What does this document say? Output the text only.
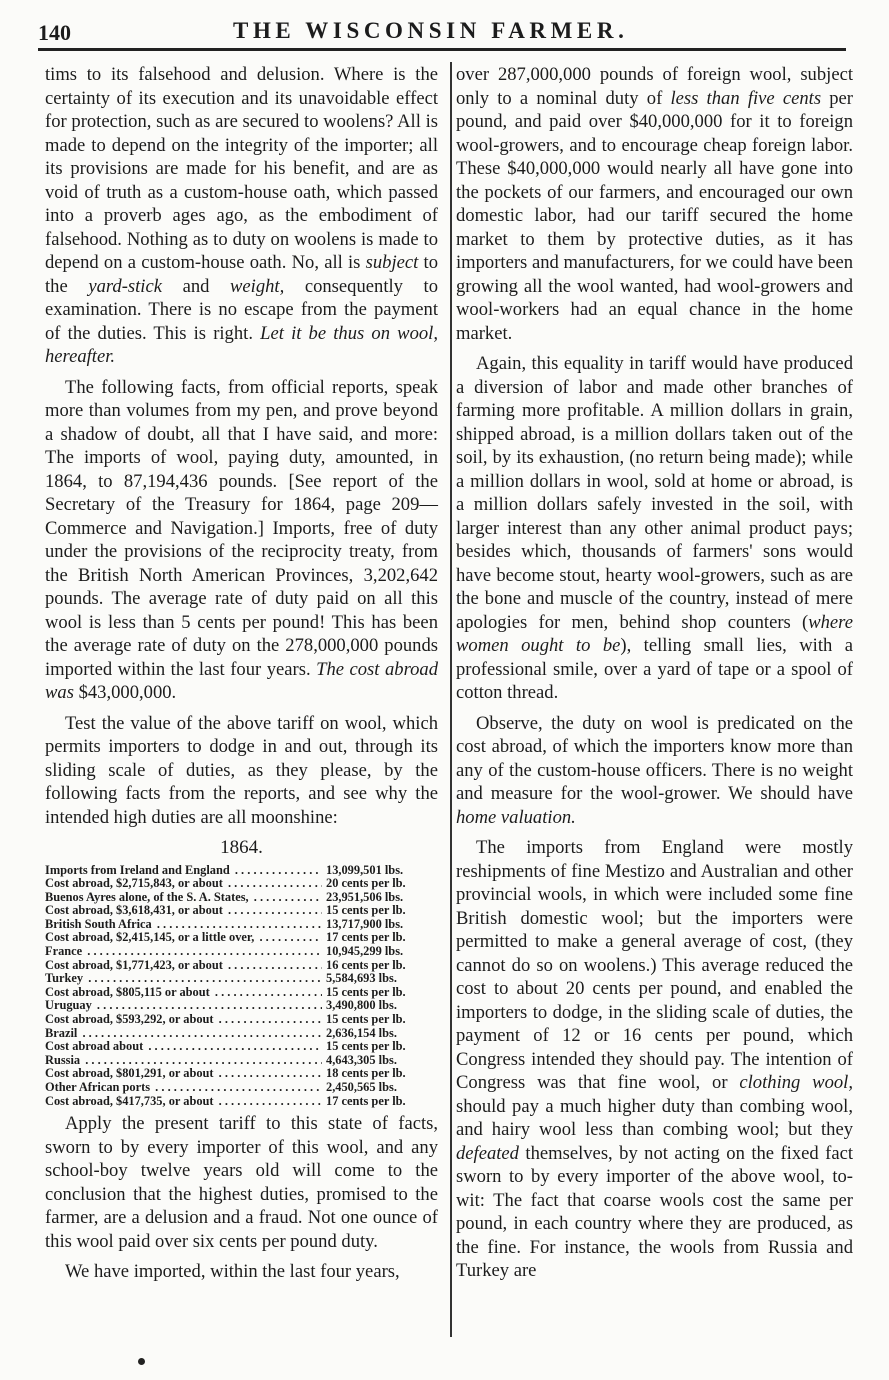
140	THE WISCONSIN FARMER.

tims to its falsehood and delusion. Where is the certainty of its execution and its unavoidable effect for protection, such as are secured to woolens? All is made to depend on the integrity of the importer; all its provisions are made for his benefit, and are as void of truth as a custom-house oath, which passed into a proverb ages ago, as the embodiment of falsehood. Nothing as to duty on woolens is made to depend on a custom-house oath. No, all is subject to the yard-stick and weight, consequently to examination. There is no escape from the payment of the duties. This is right. Let it be thus on wool, hereafter.

The following facts, from official reports, speak more than volumes from my pen, and prove beyond a shadow of doubt, all that I have said, and more: The imports of wool, paying duty, amounted, in 1864, to 87,194,436 pounds. [See report of the Secretary of the Treasury for 1864, page 209—Commerce and Navigation.] Imports, free of duty under the provisions of the reciprocity treaty, from the British North American Provinces, 3,202,642 pounds. The average rate of duty paid on all this wool is less than 5 cents per pound! This has been the average rate of duty on the 278,000,000 pounds imported within the last four years. The cost abroad was $43,000,000.

Test the value of the above tariff on wool, which permits importers to dodge in and out, through its sliding scale of duties, as they please, by the following facts from the reports, and see why the intended high duties are all moonshine:

1864.
Imports from Ireland and England . . .	13,099,501 lbs.
Cost abroad, $2,715,843, or about . . .	20 cents per lb.
Buenos Ayres alone, of the S. A. States, . . .	23,951,506 lbs.
Cost abroad, $3,618,431, or about . . .	15 cents per lb.
British South Africa . . .	13,717,900 lbs.
Cost abroad, $2,415,145, or a little over, . . .	17 cents per lb.
France . . .	10,945,299 lbs.
Cost abroad, $1,771,423, or about . . .	16 cents per lb.
Turkey . . .	5,584,693 lbs.
Cost abroad, $805,115 or about . . .	15 cents per lb.
Uruguay . . .	3,490,800 lbs.
Cost abroad, $593,292, or about . . .	15 cents per lb.
Brazil . . .	2,636,154 lbs.
Cost abroad about . . .	15 cents per lb.
Russia . . .	4,643,305 lbs.
Cost abroad, $801,291, or about . . .	18 cents per lb.
Other African ports . . .	2,450,565 lbs.
Cost abroad, $417,735, or about . . .	17 cents per lb.

Apply the present tariff to this state of facts, sworn to by every importer of this wool, and any school-boy twelve years old will come to the conclusion that the highest duties, promised to the farmer, are a delusion and a fraud. Not one ounce of this wool paid over six cents per pound duty.

We have imported, within the last four years,

over 287,000,000 pounds of foreign wool, subject only to a nominal duty of less than five cents per pound, and paid over $40,000,000 for it to foreign wool-growers, and to encourage cheap foreign labor. These $40,000,000 would nearly all have gone into the pockets of our farmers, and encouraged our own domestic labor, had our tariff secured the home market to them by protective duties, as it has importers and manufacturers, for we could have been growing all the wool wanted, had wool-growers and wool-workers had an equal chance in the home market.

Again, this equality in tariff would have produced a diversion of labor and made other branches of farming more profitable. A million dollars in grain, shipped abroad, is a million dollars taken out of the soil, by its exhaustion, (no return being made); while a million dollars in wool, sold at home or abroad, is a million dollars safely invested in the soil, with larger interest than any other animal product pays; besides which, thousands of farmers' sons would have become stout, hearty wool-growers, such as are the bone and muscle of the country, instead of mere apologies for men, behind shop counters (where women ought to be), telling small lies, with a professional smile, over a yard of tape or a spool of cotton thread.

Observe, the duty on wool is predicated on the cost abroad, of which the importers know more than any of the custom-house officers. There is no weight and measure for the wool-grower. We should have home valuation.

The imports from England were mostly reshipments of fine Mestizo and Australian and other provincial wools, in which were included some fine British domestic wool; but the importers were permitted to make a general average of cost, (they cannot do so on woolens.) This average reduced the cost to about 20 cents per pound, and enabled the importers to dodge, in the sliding scale of duties, the payment of 12 or 16 cents per pound, which Congress intended they should pay. The intention of Congress was that fine wool, or clothing wool, should pay a much higher duty than combing wool, and hairy wool less than combing wool; but they defeated themselves, by not acting on the fixed fact sworn to by every importer of the above wool, to-wit: The fact that coarse wools cost the same per pound, in each country where they are produced, as the fine. For instance, the wools from Russia and Turkey are
